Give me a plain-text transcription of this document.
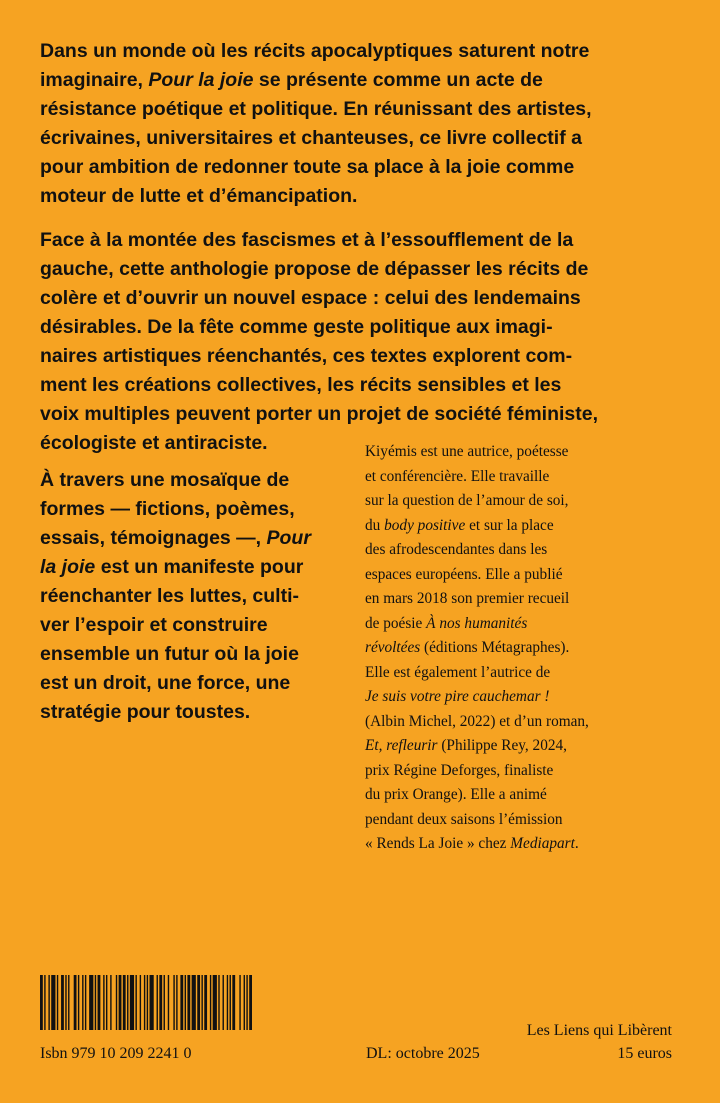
Dans un monde où les récits apocalyptiques saturent notre
imaginaire, Pour la joie se présente comme un acte de
résistance poétique et politique. En réunissant des artistes,
écrivaines, universitaires et chanteuses, ce livre collectif a
pour ambition de redonner toute sa place à la joie comme
moteur de lutte et d’émancipation.

Face à la montée des fascismes et à l’essoufflement de la
gauche, cette anthologie propose de dépasser les récits de
colère et d’ouvrir un nouvel espace : celui des lendemains
désirables. De la fête comme geste politique aux imagi-
naires artistiques réenchantés, ces textes explorent com-
ment les créations collectives, les récits sensibles et les
voix multiples peuvent porter un projet de société féministe,
écologiste et antiraciste.

À travers une mosaïque de
formes — fictions, poèmes,
essais, témoignages —, Pour
la joie est un manifeste pour
réenchanter les luttes, culti-
ver l’espoir et construire
ensemble un futur où la joie
est un droit, une force, une
stratégie pour toustes.

Kiyémis est une autrice, poétesse
et conférencière. Elle travaille
sur la question de l’amour de soi,
du body positive et sur la place
des afrodescendantes dans les
espaces européens. Elle a publié
en mars 2018 son premier recueil
de poésie À nos humanités
révoltées (éditions Métagraphes).
Elle est également l’autrice de
Je suis votre pire cauchemar !
(Albin Michel, 2022) et d’un roman,
Et, refleurir (Philippe Rey, 2024,
prix Régine Deforges, finaliste
du prix Orange). Elle a animé
pendant deux saisons l’émission
« Rends La Joie » chez Mediapart.

Isbn 979 10 209 2241 0
Les Liens qui Libèrent
DL: octobre 2025	15 euros
